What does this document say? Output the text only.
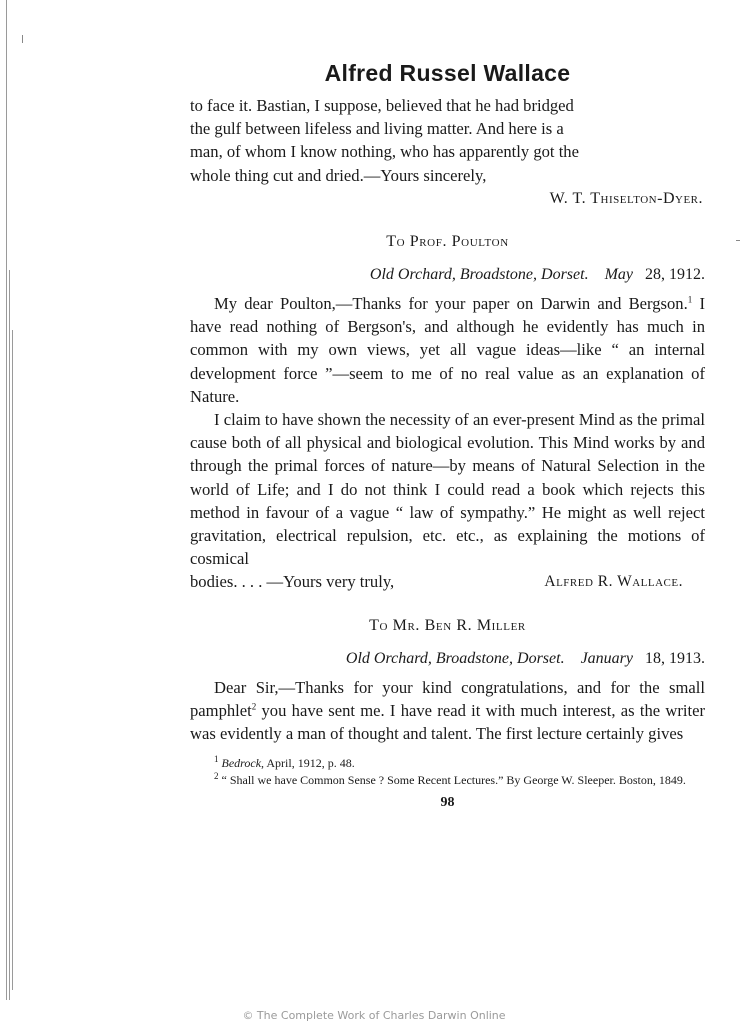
Alfred Russel Wallace

to face it. Bastian, I suppose, believed that he had bridged

the gulf between lifeless and living matter. And here is a

man, of whom I know nothing, who has apparently got the

whole thing cut and dried.—Yours sincerely,

W. T. Thiselton-Dyer.
To Prof. Poulton
Old Orchard, Broadstone, Dorset. May 28, 1912.

My dear Poulton,—Thanks for your paper on Darwin and Bergson.$^1$ I have read nothing of Bergson's, and although he evidently has much in common with my own views, yet all vague ideas—like “ an internal development force ”—seem to me of no real value as an explanation of Nature.

I claim to have shown the necessity of an ever-present Mind as the primal cause both of all physical and biological evolution. This Mind works by and through the primal forces of nature—by means of Natural Selection in the world of Life; and I do not think I could read a book which rejects this method in favour of a vague “ law of sympathy.” He might as well reject gravitation, electrical repulsion, etc. etc., as explaining the motions of cosmical

bodies. . . . —Yours very truly,	Alfred R. Wallace.

To Mr. Ben R. Miller
Old Orchard, Broadstone, Dorset. January 18, 1913.

Dear Sir,—Thanks for your kind congratulations, and for the small pamphlet$^2$ you have sent me. I have read it with much interest, as the writer was evidently a man of thought and talent. The first lecture certainly gives

$^1$ Bedrock, April, 1912, p. 48.

$^2$ “ Shall we have Common Sense ? Some Recent Lectures.” By George W. Sleeper. Boston, 1849.

98
© The Complete Work of Charles Darwin Online
